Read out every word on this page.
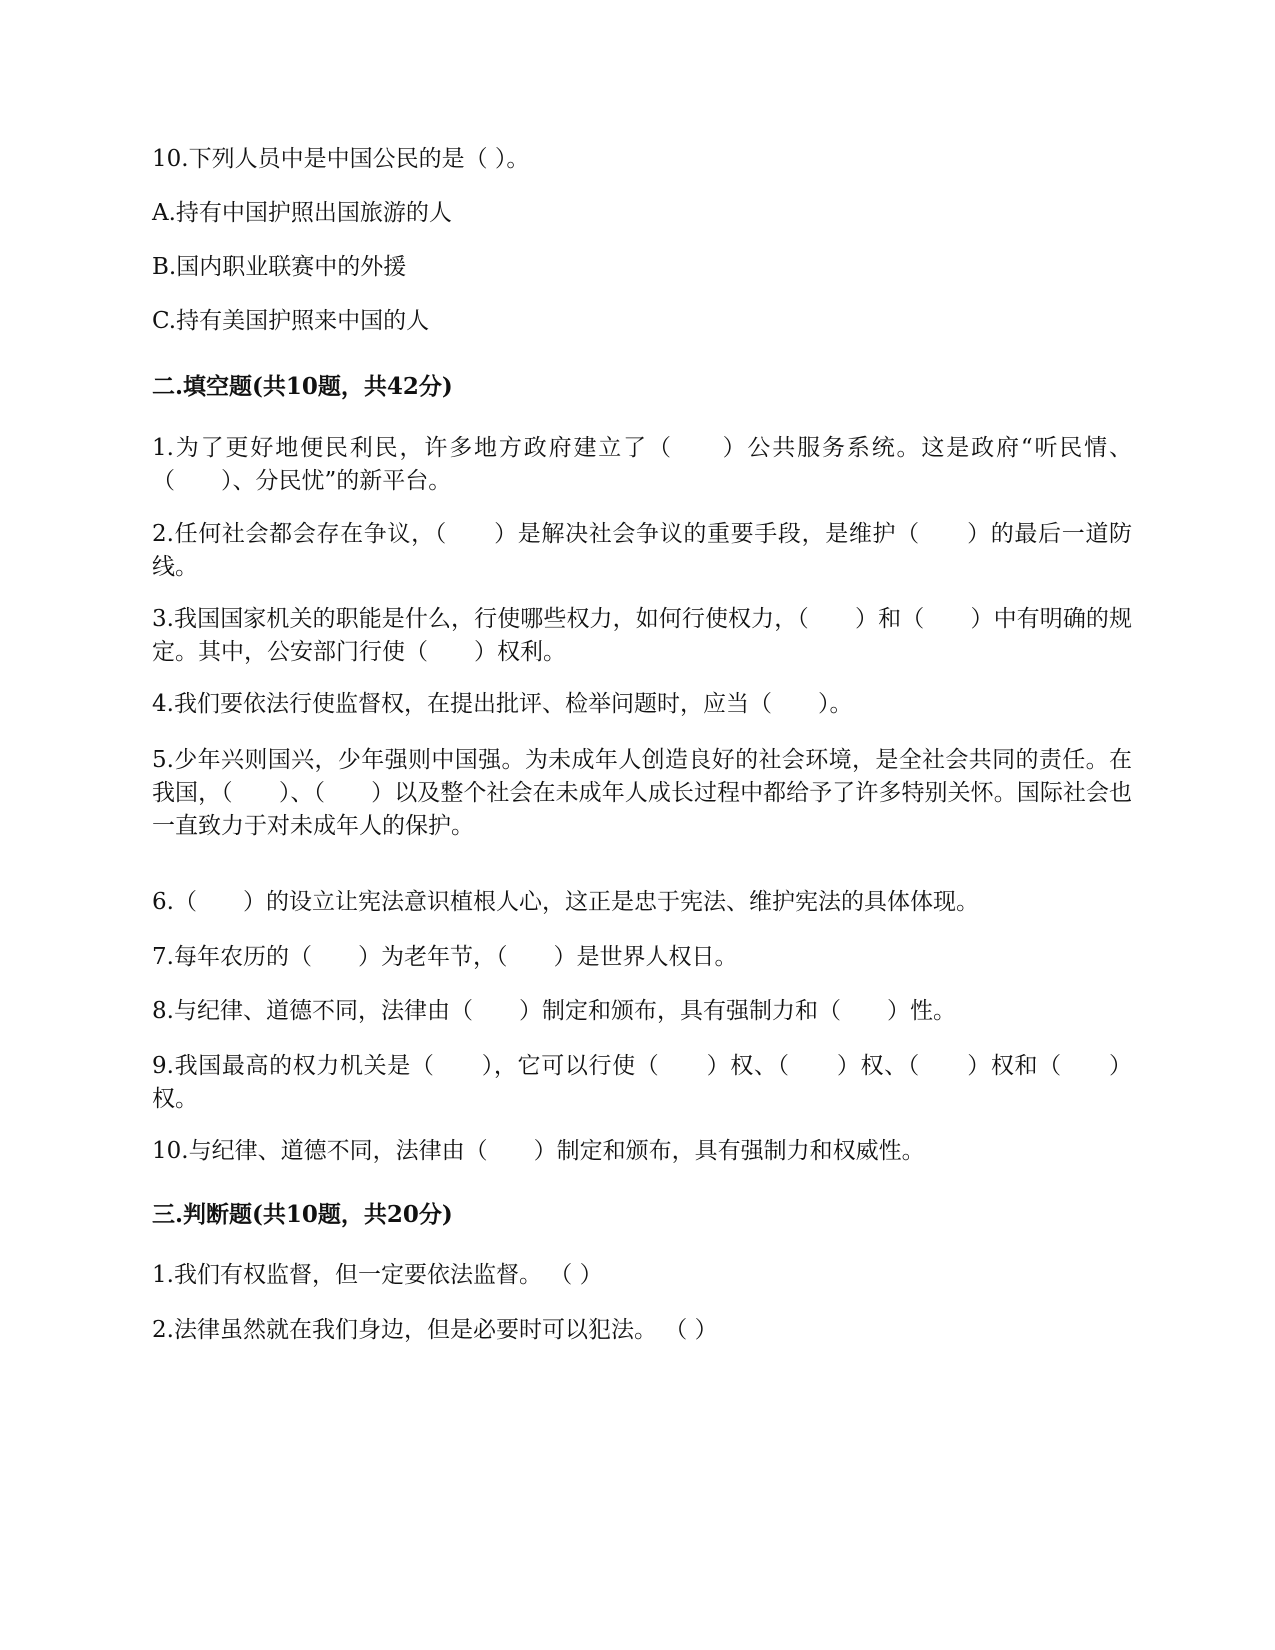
10.下列人员中是中国公民的是（ ）。

A.持有中国护照出国旅游的人

B.国内职业联赛中的外援

C.持有美国护照来中国的人

二.填空题(共10题，共42分)

1.为了更好地便民利民，许多地方政府建立了（　　）公共服务系统。这是政府“听民情、（　　）、分民忧”的新平台。

2.任何社会都会存在争议，（　　）是解决社会争议的重要手段，是维护（　　）的最后一道防线。

3.我国国家机关的职能是什么，行使哪些权力，如何行使权力，（　　）和（　　）中有明确的规定。其中，公安部门行使（　　）权利。

4.我们要依法行使监督权，在提出批评、检举问题时，应当（　　）。

5.少年兴则国兴，少年强则中国强。为未成年人创造良好的社会环境，是全社会共同的责任。在我国，（　　）、（　　）以及整个社会在未成年人成长过程中都给予了许多特别关怀。国际社会也一直致力于对未成年人的保护。

6.（　　）的设立让宪法意识植根人心，这正是忠于宪法、维护宪法的具体体现。

7.每年农历的（　　）为老年节，（　　）是世界人权日。

8.与纪律、道德不同，法律由（　　）制定和颁布，具有强制力和（　　）性。

9.我国最高的权力机关是（　　），它可以行使（　　）权、（　　）权、（　　）权和（　　）权。

10.与纪律、道德不同，法律由（　　）制定和颁布，具有强制力和权威性。

三.判断题(共10题，共20分)

1.我们有权监督，但一定要依法监督。 （ ）

2.法律虽然就在我们身边，但是必要时可以犯法。 （ ）
